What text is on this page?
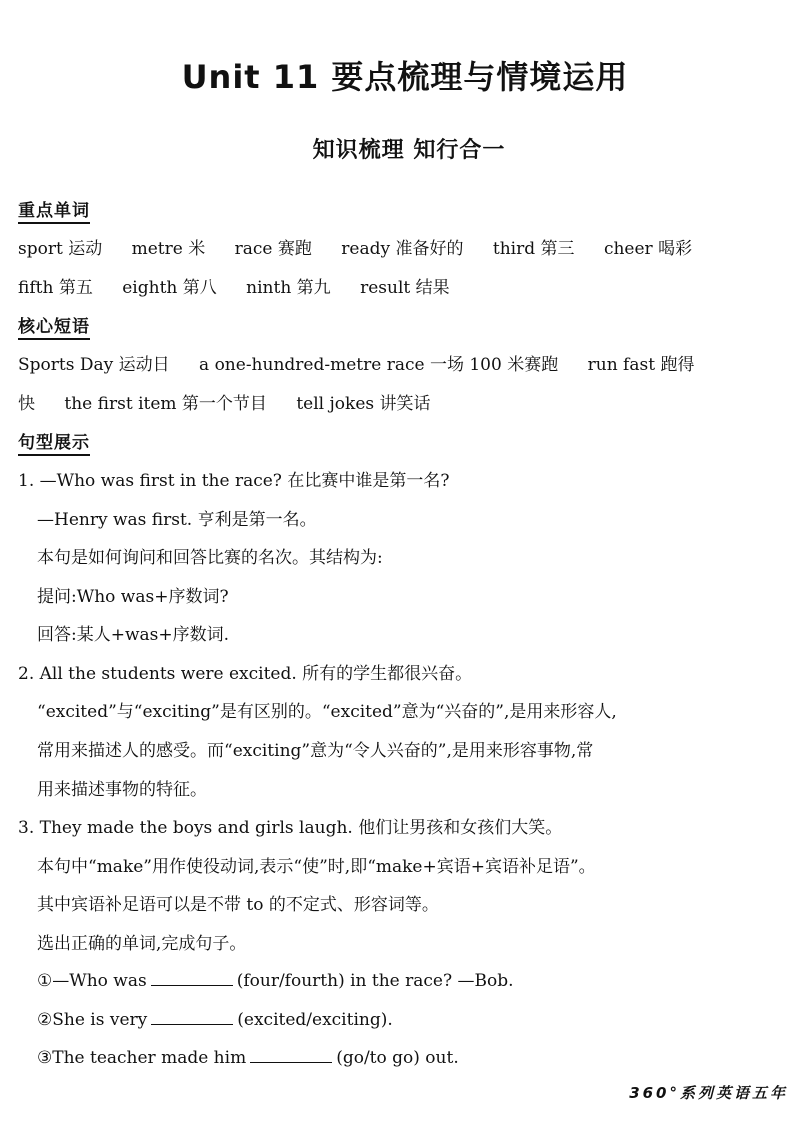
Unit 11 要点梳理与情境运用
知识梳理 知行合一
重点单词
sport 运动 metre 米 race 赛跑 ready 准备好的 third 第三 cheer 喝彩
fifth 第五 eighth 第八 ninth 第九 result 结果
核心短语
Sports Day 运动日 a one-hundred-metre race 一场 100 米赛跑 run fast 跑得
快 the first item 第一个节目 tell jokes 讲笑话
句型展示
1. —Who was first in the race? 在比赛中谁是第一名?
—Henry was first. 亨利是第一名。
本句是如何询问和回答比赛的名次。其结构为:
提问:Who was+序数词?
回答:某人+was+序数词.
2. All the students were excited. 所有的学生都很兴奋。
“excited”与“exciting”是有区别的。“excited”意为“兴奋的”,是用来形容人,
常用来描述人的感受。而“exciting”意为“令人兴奋的”,是用来形容事物,常
用来描述事物的特征。
3. They made the boys and girls laugh. 他们让男孩和女孩们大笑。
本句中“make”用作使役动词,表示“使”时,即“make+宾语+宾语补足语”。
其中宾语补足语可以是不带 to 的不定式、形容词等。
选出正确的单词,完成句子。
①—Who was	(four/fourth) in the race? —Bob.
②She is very	(excited/exciting).
③The teacher made him	(go/to go) out.
360°系列英语五年
